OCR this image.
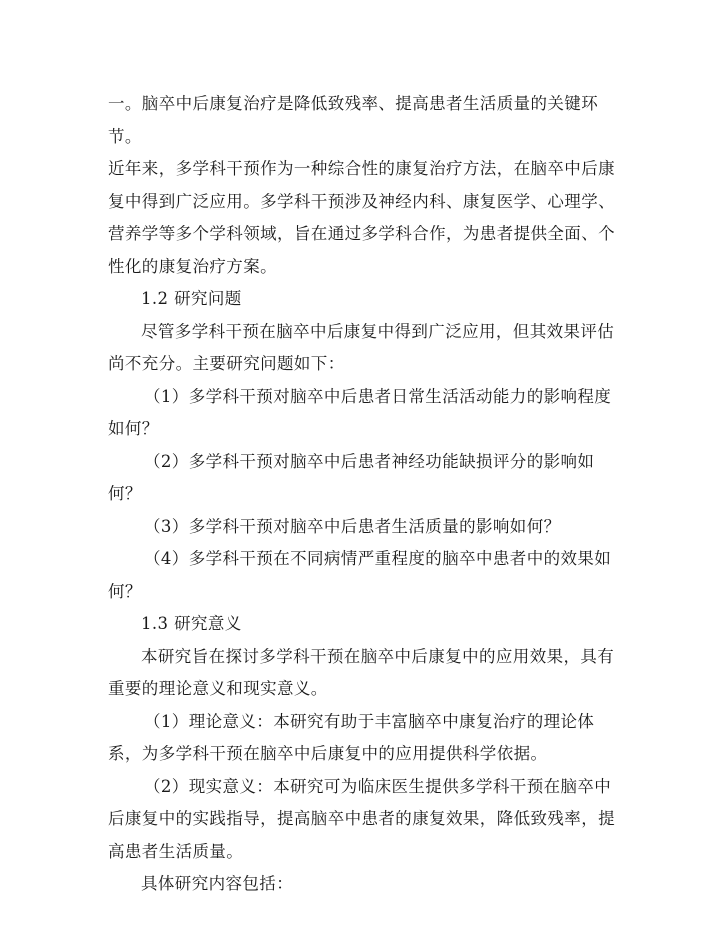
一。脑卒中后康复治疗是降低致残率、提高患者生活质量的关键环节。

近年来，多学科干预作为一种综合性的康复治疗方法，在脑卒中后康复中得到广泛应用。多学科干预涉及神经内科、康复医学、心理学、营养学等多个学科领域，旨在通过多学科合作，为患者提供全面、个性化的康复治疗方案。

1.2 研究问题

尽管多学科干预在脑卒中后康复中得到广泛应用，但其效果评估尚不充分。主要研究问题如下：

（1）多学科干预对脑卒中后患者日常生活活动能力的影响程度如何？

（2）多学科干预对脑卒中后患者神经功能缺损评分的影响如何？

（3）多学科干预对脑卒中后患者生活质量的影响如何？

（4）多学科干预在不同病情严重程度的脑卒中患者中的效果如何？

1.3 研究意义

本研究旨在探讨多学科干预在脑卒中后康复中的应用效果，具有重要的理论意义和现实意义。

（1）理论意义：本研究有助于丰富脑卒中康复治疗的理论体系，为多学科干预在脑卒中后康复中的应用提供科学依据。

（2）现实意义：本研究可为临床医生提供多学科干预在脑卒中后康复中的实践指导，提高脑卒中患者的康复效果，降低致残率，提高患者生活质量。

具体研究内容包括：
